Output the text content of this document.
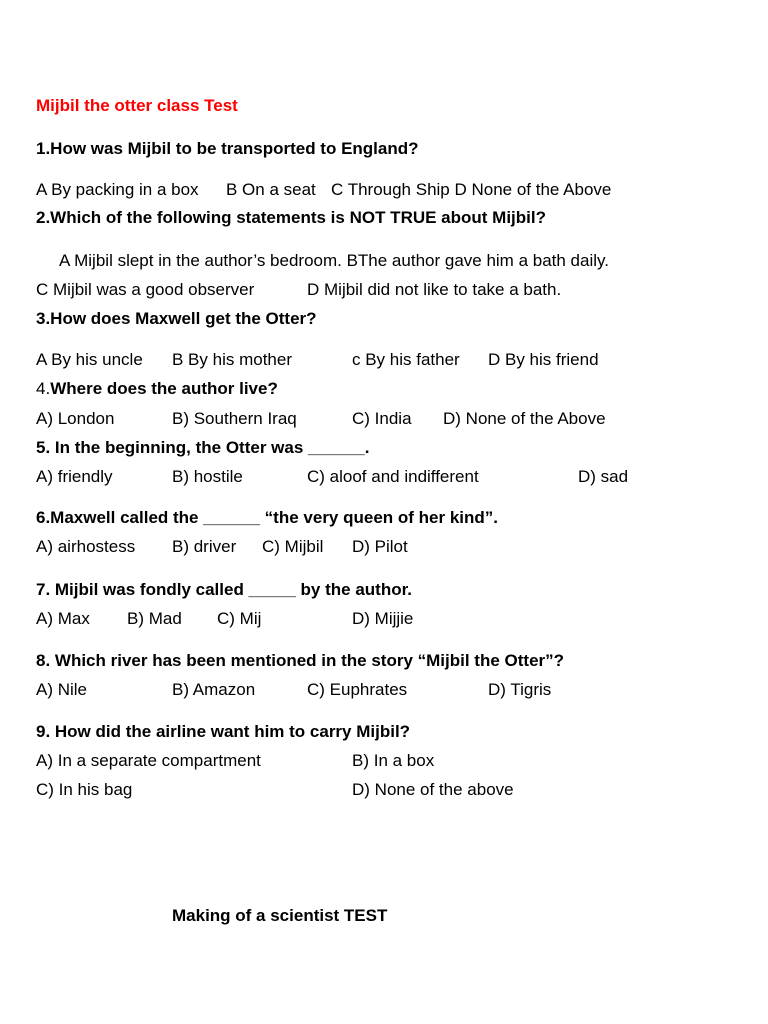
Mijbil the otter class Test
1.How was Mijbil to be transported to England?
A By packing in a box B On a seat C Through Ship D None of the Above
2.Which of the following statements is NOT TRUE about Mijbil?
A Mijbil slept in the author’s bedroom. BThe author gave him a bath daily.
C Mijbil was a good observer	D Mijbil did not like to take a bath.
3.How does Maxwell get the Otter?
A By his uncle B By his mother	c By his father D By his friend
4.Where does the author live?
A) London	B) Southern Iraq	C) India D) None of the Above
5. In the beginning, the Otter was ______.
A) friendly	B) hostile	C) aloof and indifferent	D) sad
6.Maxwell called the ______ “the very queen of her kind”.
A) airhostess B) driver C) Mijbil D) Pilot
7. Mijbil was fondly called _____ by the author.
A) Max B) Mad C) Mij	D) Mijjie
8. Which river has been mentioned in the story “Mijbil the Otter”?
A) Nile	B) Amazon	C) Euphrates	D) Tigris
9. How did the airline want him to carry Mijbil?
A) In a separate compartment	B) In a box
C) In his bag	D) None of the above
Making of a scientist TEST
